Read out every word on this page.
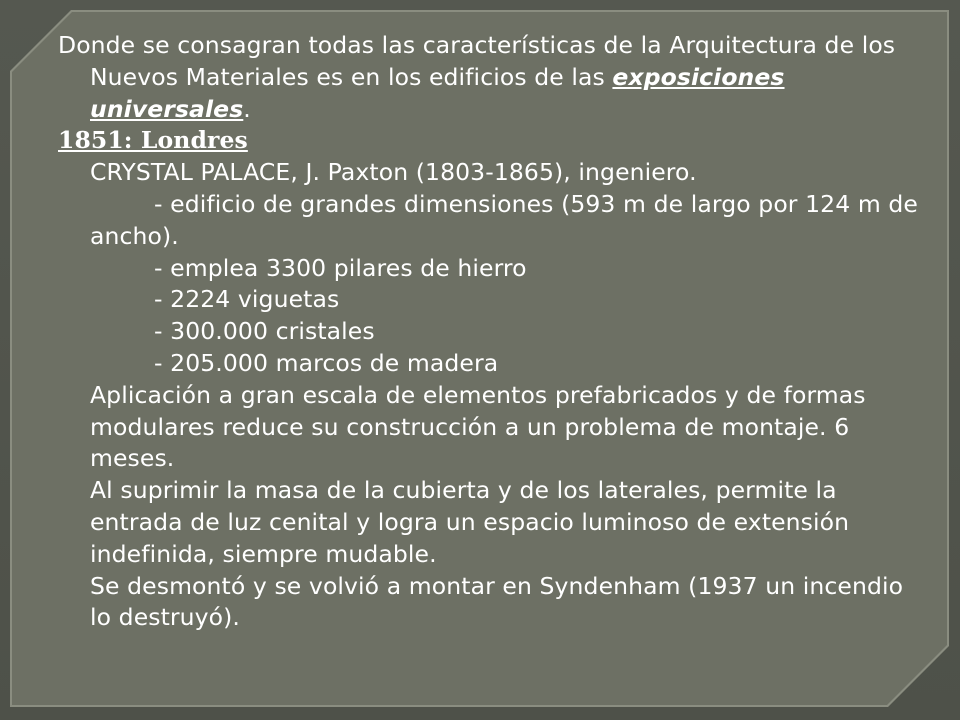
Donde se consagran todas las características de la Arquitectura de los Nuevos Materiales es en los edificios de las exposiciones universales.

1851: Londres

CRYSTAL PALACE, J. Paxton (1803-1865), ingeniero.

- edificio de grandes dimensiones (593 m de largo por 124 m de ancho).

- emplea 3300 pilares de hierro

- 2224 viguetas

- 300.000 cristales

- 205.000 marcos de madera

Aplicación a gran escala de elementos prefabricados y de formas modulares reduce su construcción a un problema de montaje. 6 meses.

Al suprimir la masa de la cubierta y de los laterales, permite la entrada de luz cenital y logra un espacio luminoso de extensión indefinida, siempre mudable.

Se desmontó y se volvió a montar en Syndenham (1937 un incendio lo destruyó).
